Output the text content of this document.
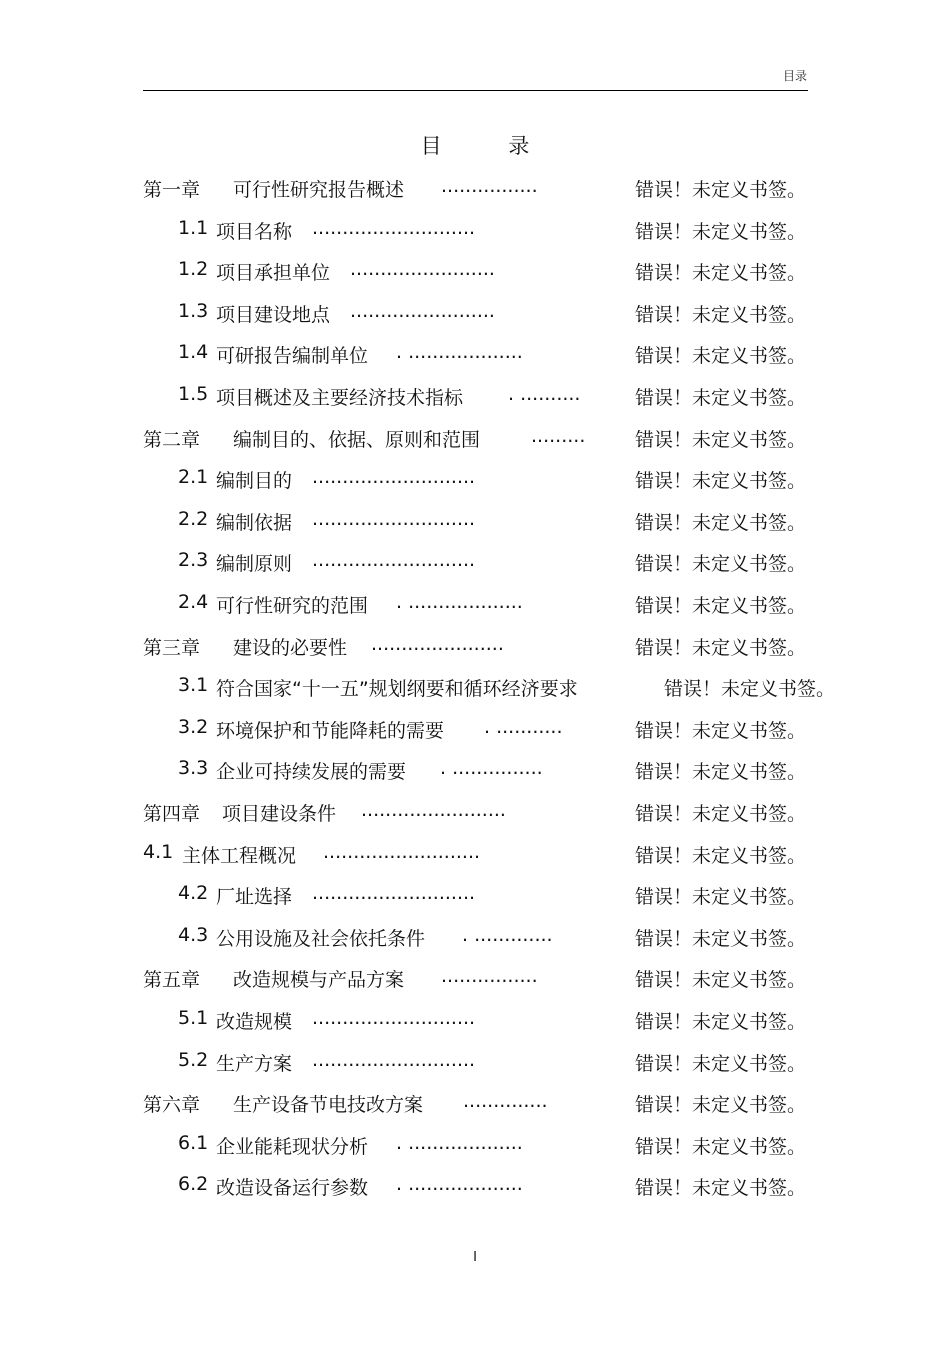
目录
目 录
第一章 可行性研究报告概述 ................	错误！未定义书签。
1.1 项目名称 ...........................	错误！未定义书签。
1.2 项目承担单位 ........................	错误！未定义书签。
1.3 项目建设地点 ........................	错误！未定义书签。
1.4 可研报告编制单位 . ...................	错误！未定义书签。
1.5 项目概述及主要经济技术指标 . ..........	错误！未定义书签。
第二章 编制目的、依据、原则和范围	.........	错误！未定义书签。
2.1 编制目的 ...........................	错误！未定义书签。
2.2 编制依据 ...........................	错误！未定义书签。
2.3 编制原则 ...........................	错误！未定义书签。
2.4 可行性研究的范围 . ...................	错误！未定义书签。
第三章 建设的必要性 ......................	错误！未定义书签。
3.1 符合国家“十一五”规划纲要和循环经济要求	错误！未定义书签。
3.2 环境保护和节能降耗的需要 . ...........	错误！未定义书签。
3.3 企业可持续发展的需要 . ...............	错误！未定义书签。
第四章 项目建设条件 ........................	错误！未定义书签。
4.1 主体工程概况 ..........................	错误！未定义书签。
4.2 厂址选择 ...........................	错误！未定义书签。
4.3 公用设施及社会依托条件 . .............	错误！未定义书签。
第五章 改造规模与产品方案 ................	错误！未定义书签。
5.1 改造规模 ...........................	错误！未定义书签。
5.2 生产方案 ...........................	错误！未定义书签。
第六章 生产设备节电技改方案 ..............	错误！未定义书签。
6.1 企业能耗现状分析 . ...................	错误！未定义书签。
6.2 改造设备运行参数 . ...................	错误！未定义书签。
I
